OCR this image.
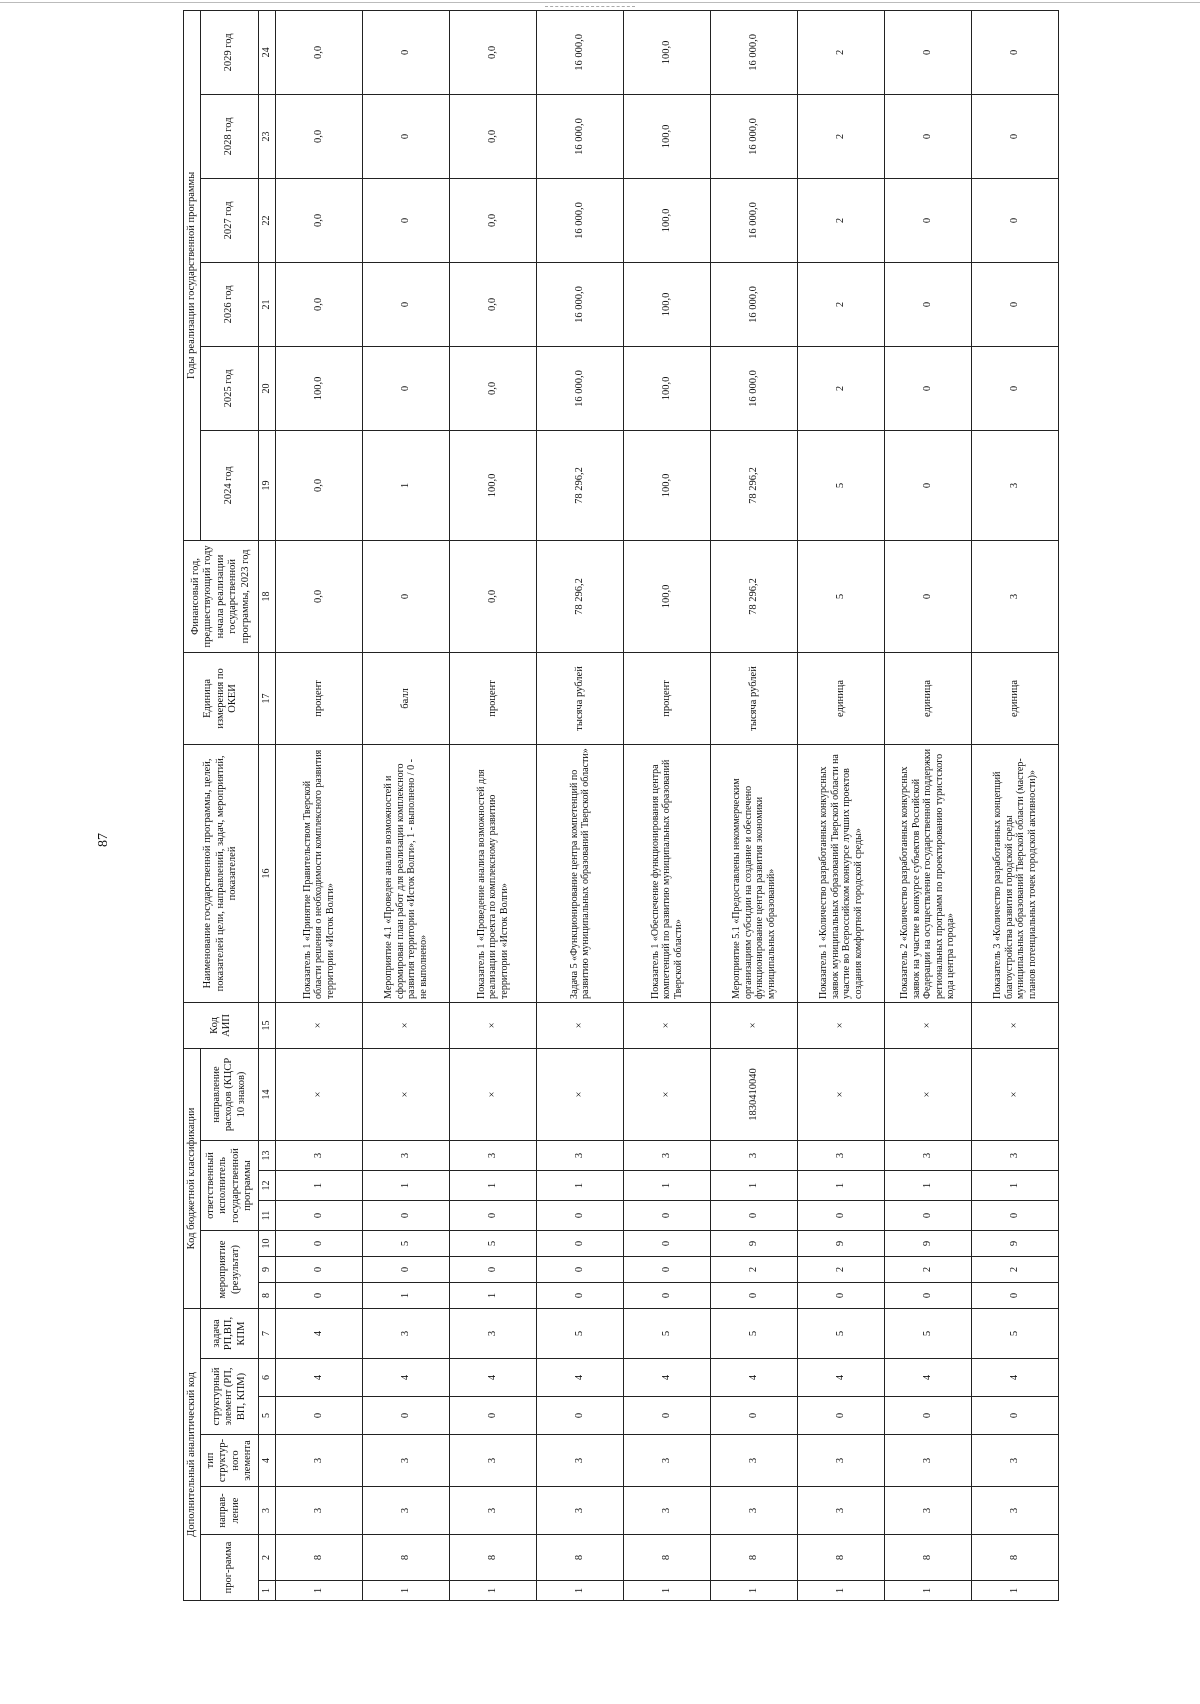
87
Дополнительный аналитический код							Код бюджетной классификации							Код АИП	Наименование государственной программы, целей, показателей цели, направлений, задач, мероприятий, показателей	Единица измерения по ОКЕИ	Финансовый год, предшествующий году начала реализации государственной программы, 2023 год	Годы реализации государственной программы					
прог-рамма		направ-ление	тип структур-ного элемента	структурный элемент (РП, ВП, КПМ)		задача РП,ВП, КПМ	мероприятие (результат)			ответственный исполнитель государственной программы			направление расходов (КЦСР 10 знаков)					2024 год	2025 год	2026 год	2027 год	2028 год	2029 год

1	2	3	4	5	6	7	8	9	10	11	12	13	14	15	16	17	18	19	20	21	22	23	24
1	8	3	3	0	4	4	0	0	0	0	1	3	×	×	Показатель 1 «Принятие Правительством Тверской области решения о необходимости комплексного развития территории «Исток Волги»	процент	0,0	0,0	100,0	0,0	0,0	0,0	0,0
1	8	3	3	0	4	3	1	0	5	0	1	3	×	×	Мероприятие 4.1 «Проведен анализ возможностей и сформирован план работ для реализации комплексного развития территории «Исток Волги», 1 - выполнено / 0 - не выполнено»	балл	0	1	0	0	0	0	0
1	8	3	3	0	4	3	1	0	5	0	1	3	×	×	Показатель 1 «Проведение анализа возможностей для реализации проекта по комплексному развитию территории «Исток Волги»	процент	0,0	100,0	0,0	0,0	0,0	0,0	0,0
1	8	3	3	0	4	5	0	0	0	0	1	3	×	×	Задача 5 «Функционирование центра компетенций по развитию муниципальных образований Тверской области»	тысяча рублей	78 296,2	78 296,2	16 000,0	16 000,0	16 000,0	16 000,0	16 000,0
1	8	3	3	0	4	5	0	0	0	0	1	3	×	×	Показатель 1 «Обеспечение функционирования центра компетенций по развитию муниципальных образований Тверской области»	процент	100,0	100,0	100,0	100,0	100,0	100,0	100,0
1	8	3	3	0	4	5	0	2	9	0	1	3	1830410040	×	Мероприятие 5.1 «Предоставлены некоммерческим организациям субсидии на создание и обеспечено функционирование центра развития экономики муниципальных образований»	тысяча рублей	78 296,2	78 296,2	16 000,0	16 000,0	16 000,0	16 000,0	16 000,0
1	8	3	3	0	4	5	0	2	9	0	1	3	×	×	Показатель 1 «Количество разработанных конкурсных заявок муниципальных образований Тверской области на участие во Всероссийском конкурсе лучших проектов создания комфортной городской среды»	единица	5	5	2	2	2	2	2
1	8	3	3	0	4	5	0	2	9	0	1	3	×	×	Показатель 2 «Количество разработанных конкурсных заявок на участие в конкурсе субъектов Российской Федерации на осуществление государственной поддержки региональных программ по проектированию туристского кода центра города»	единица	0	0	0	0	0	0	0
1	8	3	3	0	4	5	0	2	9	0	1	3	×	×	Показатель 3 «Количество разработанных концепций благоустройства развития городской среды муниципальных образований Тверской области (мастер-планов потенциальных точек городской активности)»	единица	3	3	0	0	0	0	0
